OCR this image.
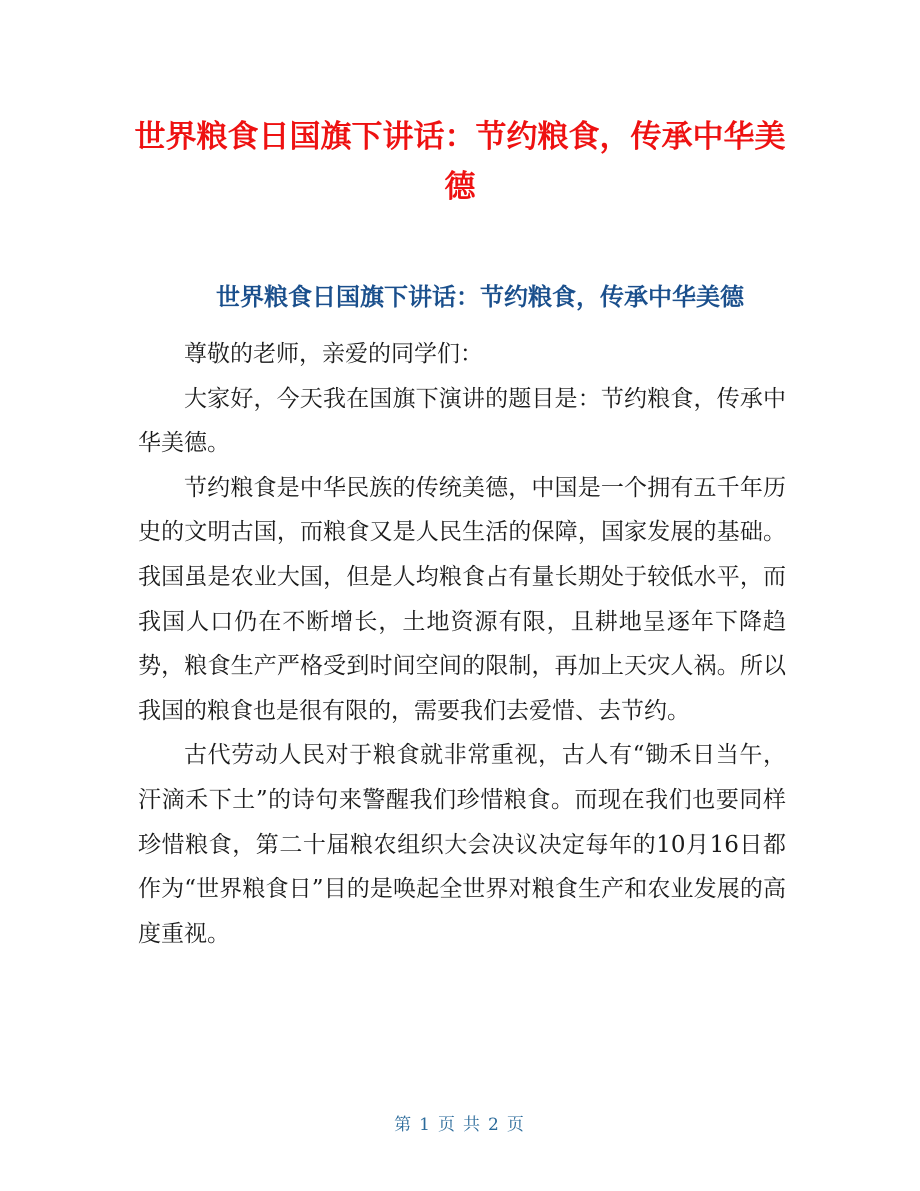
世界粮食日国旗下讲话：节约粮食，传承中华美德
世界粮食日国旗下讲话：节约粮食，传承中华美德

尊敬的老师，亲爱的同学们：

大家好，今天我在国旗下演讲的题目是：节约粮食，传承中华美德。

节约粮食是中华民族的传统美德，中国是一个拥有五千年历史的文明古国，而粮食又是人民生活的保障，国家发展的基础。我国虽是农业大国，但是人均粮食占有量长期处于较低水平，而我国人口仍在不断增长，土地资源有限，且耕地呈逐年下降趋势，粮食生产严格受到时间空间的限制，再加上天灾人祸。所以我国的粮食也是很有限的，需要我们去爱惜、去节约。

古代劳动人民对于粮食就非常重视，古人有“锄禾日当午，汗滴禾下土”的诗句来警醒我们珍惜粮食。而现在我们也要同样珍惜粮食，第二十届粮农组织大会决议决定每年的10月16日都作为“世界粮食日”目的是唤起全世界对粮食生产和农业发展的高度重视。

第 1 页 共 2 页
